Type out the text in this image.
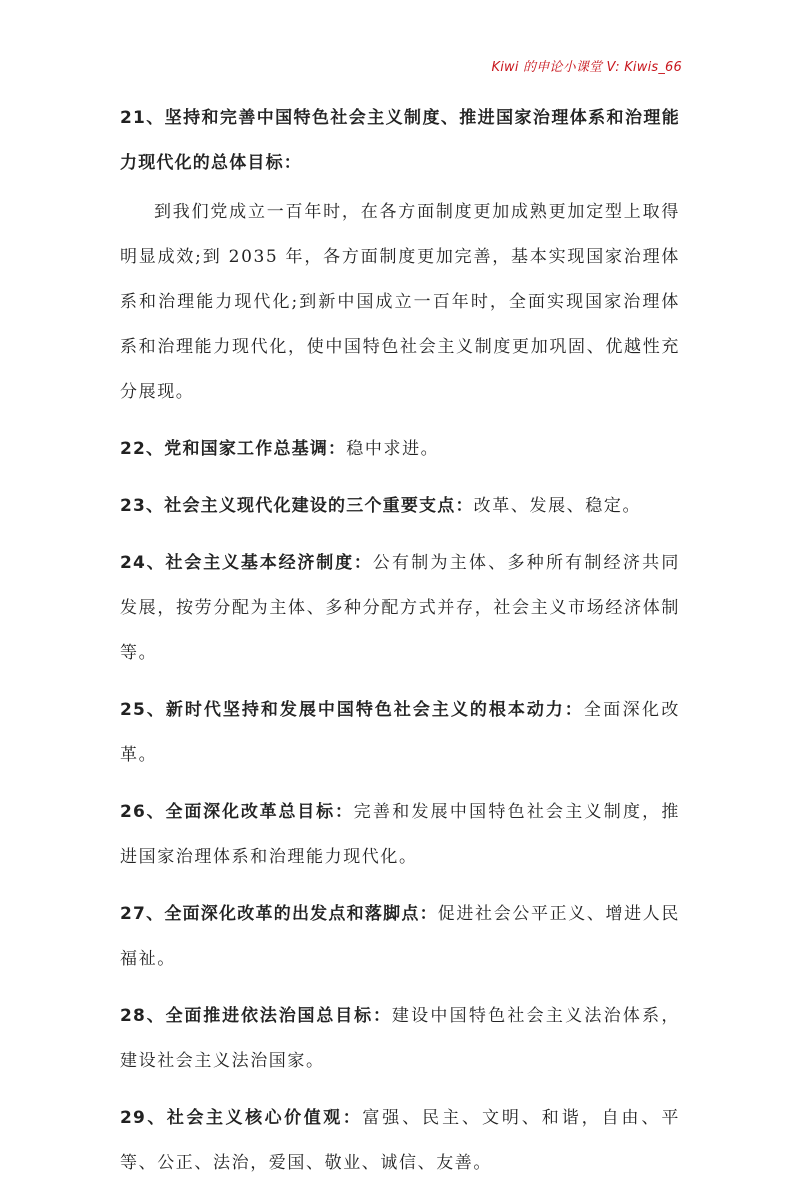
Kiwi 的申论小课堂 V: Kiwis_66

21、坚持和完善中国特色社会主义制度、推进国家治理体系和治理能力现代化的总体目标：

到我们党成立一百年时，在各方面制度更加成熟更加定型上取得明显成效;到 2035 年，各方面制度更加完善，基本实现国家治理体系和治理能力现代化;到新中国成立一百年时，全面实现国家治理体系和治理能力现代化，使中国特色社会主义制度更加巩固、优越性充分展现。

22、党和国家工作总基调：稳中求进。

23、社会主义现代化建设的三个重要支点：改革、发展、稳定。

24、社会主义基本经济制度：公有制为主体、多种所有制经济共同发展，按劳分配为主体、多种分配方式并存，社会主义市场经济体制等。

25、新时代坚持和发展中国特色社会主义的根本动力：全面深化改革。

26、全面深化改革总目标：完善和发展中国特色社会主义制度，推进国家治理体系和治理能力现代化。

27、全面深化改革的出发点和落脚点：促进社会公平正义、增进人民福祉。

28、全面推进依法治国总目标：建设中国特色社会主义法治体系，建设社会主义法治国家。

29、社会主义核心价值观：富强、民主、文明、和谐，自由、平等、公正、法治，爱国、敬业、诚信、友善。
